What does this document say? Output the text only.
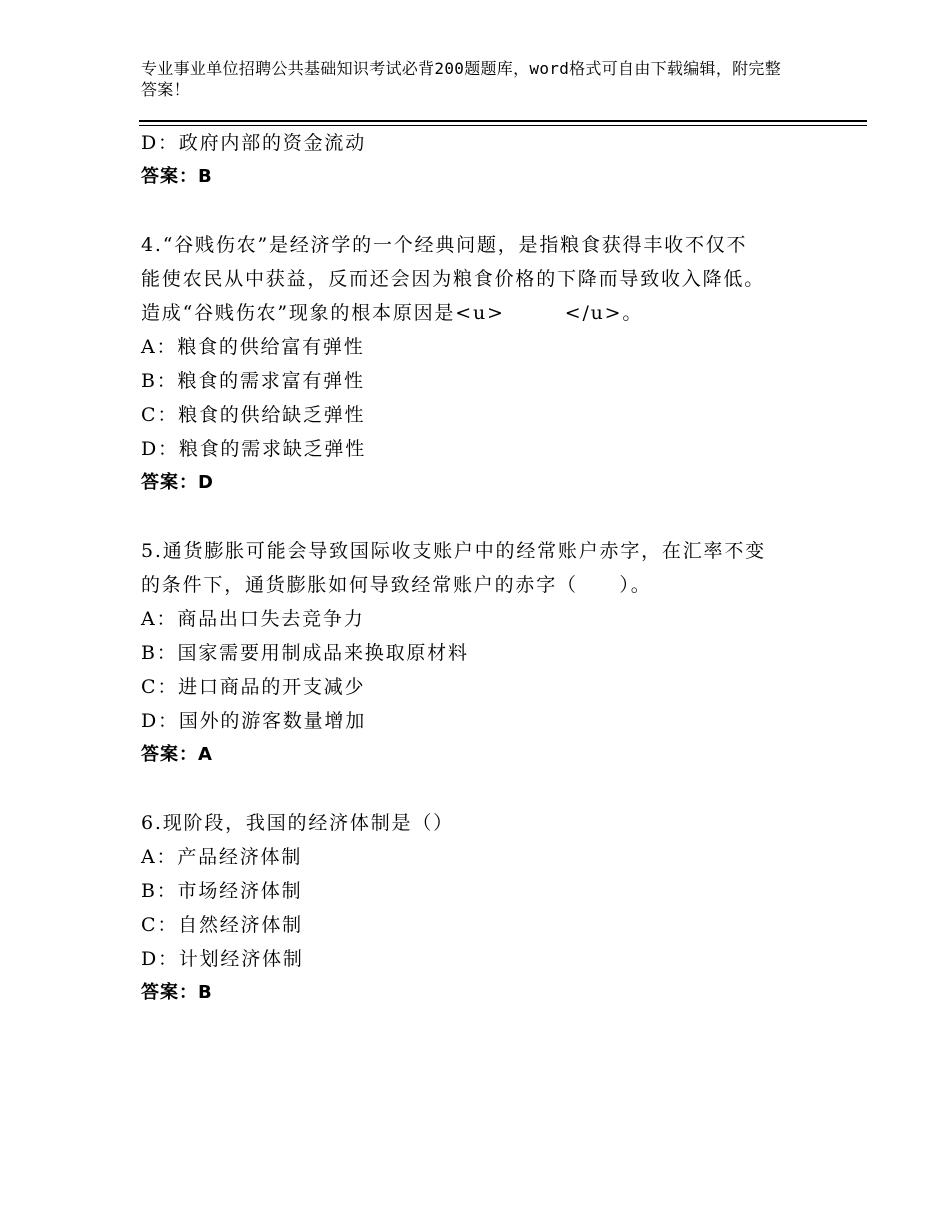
专业事业单位招聘公共基础知识考试必背200题题库，word格式可自由下载编辑，附完整答案！
D：政府内部的资金流动
答案：B
4.“谷贱伤农”是经济学的一个经典问题，是指粮食获得丰收不仅不
能使农民从中获益，反而还会因为粮食价格的下降而导致收入降低。
造成“谷贱伤农”现象的根本原因是<u>	</u>。
A：粮食的供给富有弹性
B：粮食的需求富有弹性
C：粮食的供给缺乏弹性
D：粮食的需求缺乏弹性
答案：D
5.通货膨胀可能会导致国际收支账户中的经常账户赤字，在汇率不变
的条件下，通货膨胀如何导致经常账户的赤字（　　）。
A：商品出口失去竞争力
B：国家需要用制成品来换取原材料
C：进口商品的开支减少
D：国外的游客数量增加
答案：A
6.现阶段，我国的经济体制是（）
A：产品经济体制
B：市场经济体制
C：自然经济体制
D：计划经济体制
答案：B
